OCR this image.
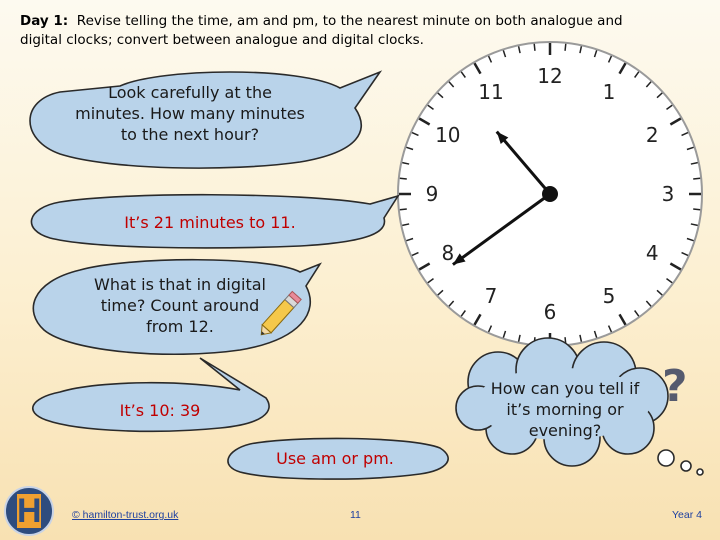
Day 1: Revise telling the time, am and pm, to the nearest minute on both analogue and digital clocks; convert between analogue and digital clocks.
12
1
2
3
4
5
6
7
8
9
10
11
Look carefully at the minutes. How many minutes to the next hour?
It’s 21 minutes to 11.
What is that in digital time? Count around from 12.
It’s 10: 39
Use am or pm.
How can you tell if it’s morning or evening?
?
H	© hamilton-trust.org.uk	11	Year 4
